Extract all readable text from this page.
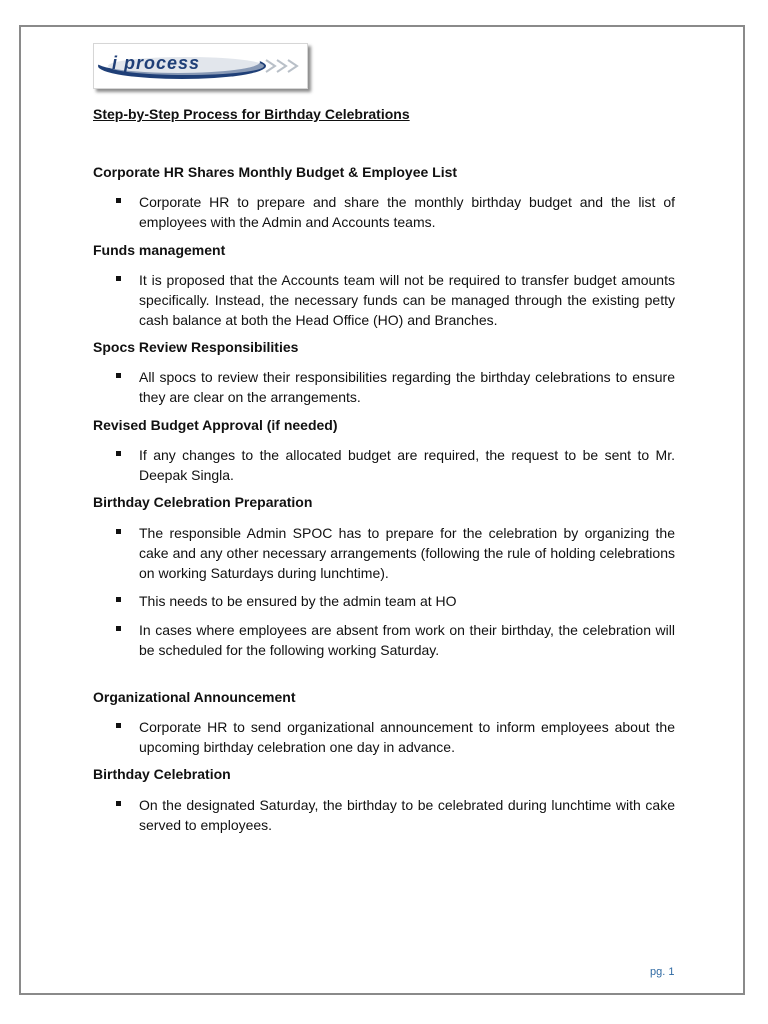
i process
Step-by-Step Process for Birthday Celebrations
Corporate HR Shares Monthly Budget & Employee List
Corporate HR to prepare and share the monthly birthday budget and the list of employees with the Admin and Accounts teams.
Funds management
It is proposed that the Accounts team will not be required to transfer budget amounts specifically. Instead, the necessary funds can be managed through the existing petty cash balance at both the Head Office (HO) and Branches.
Spocs Review Responsibilities
All spocs to review their responsibilities regarding the birthday celebrations to ensure they are clear on the arrangements.
Revised Budget Approval (if needed)
If any changes to the allocated budget are required, the request to be sent to Mr. Deepak Singla.
Birthday Celebration Preparation
The responsible Admin SPOC has to prepare for the celebration by organizing the cake and any other necessary arrangements (following the rule of holding celebrations on working Saturdays during lunchtime).
This needs to be ensured by the admin team at HO
In cases where employees are absent from work on their birthday, the celebration will be scheduled for the following working Saturday.
Organizational Announcement
Corporate HR to send organizational announcement to inform employees about the upcoming birthday celebration one day in advance.
Birthday Celebration
On the designated Saturday, the birthday to be celebrated during lunchtime with cake served to employees.

pg. 1
